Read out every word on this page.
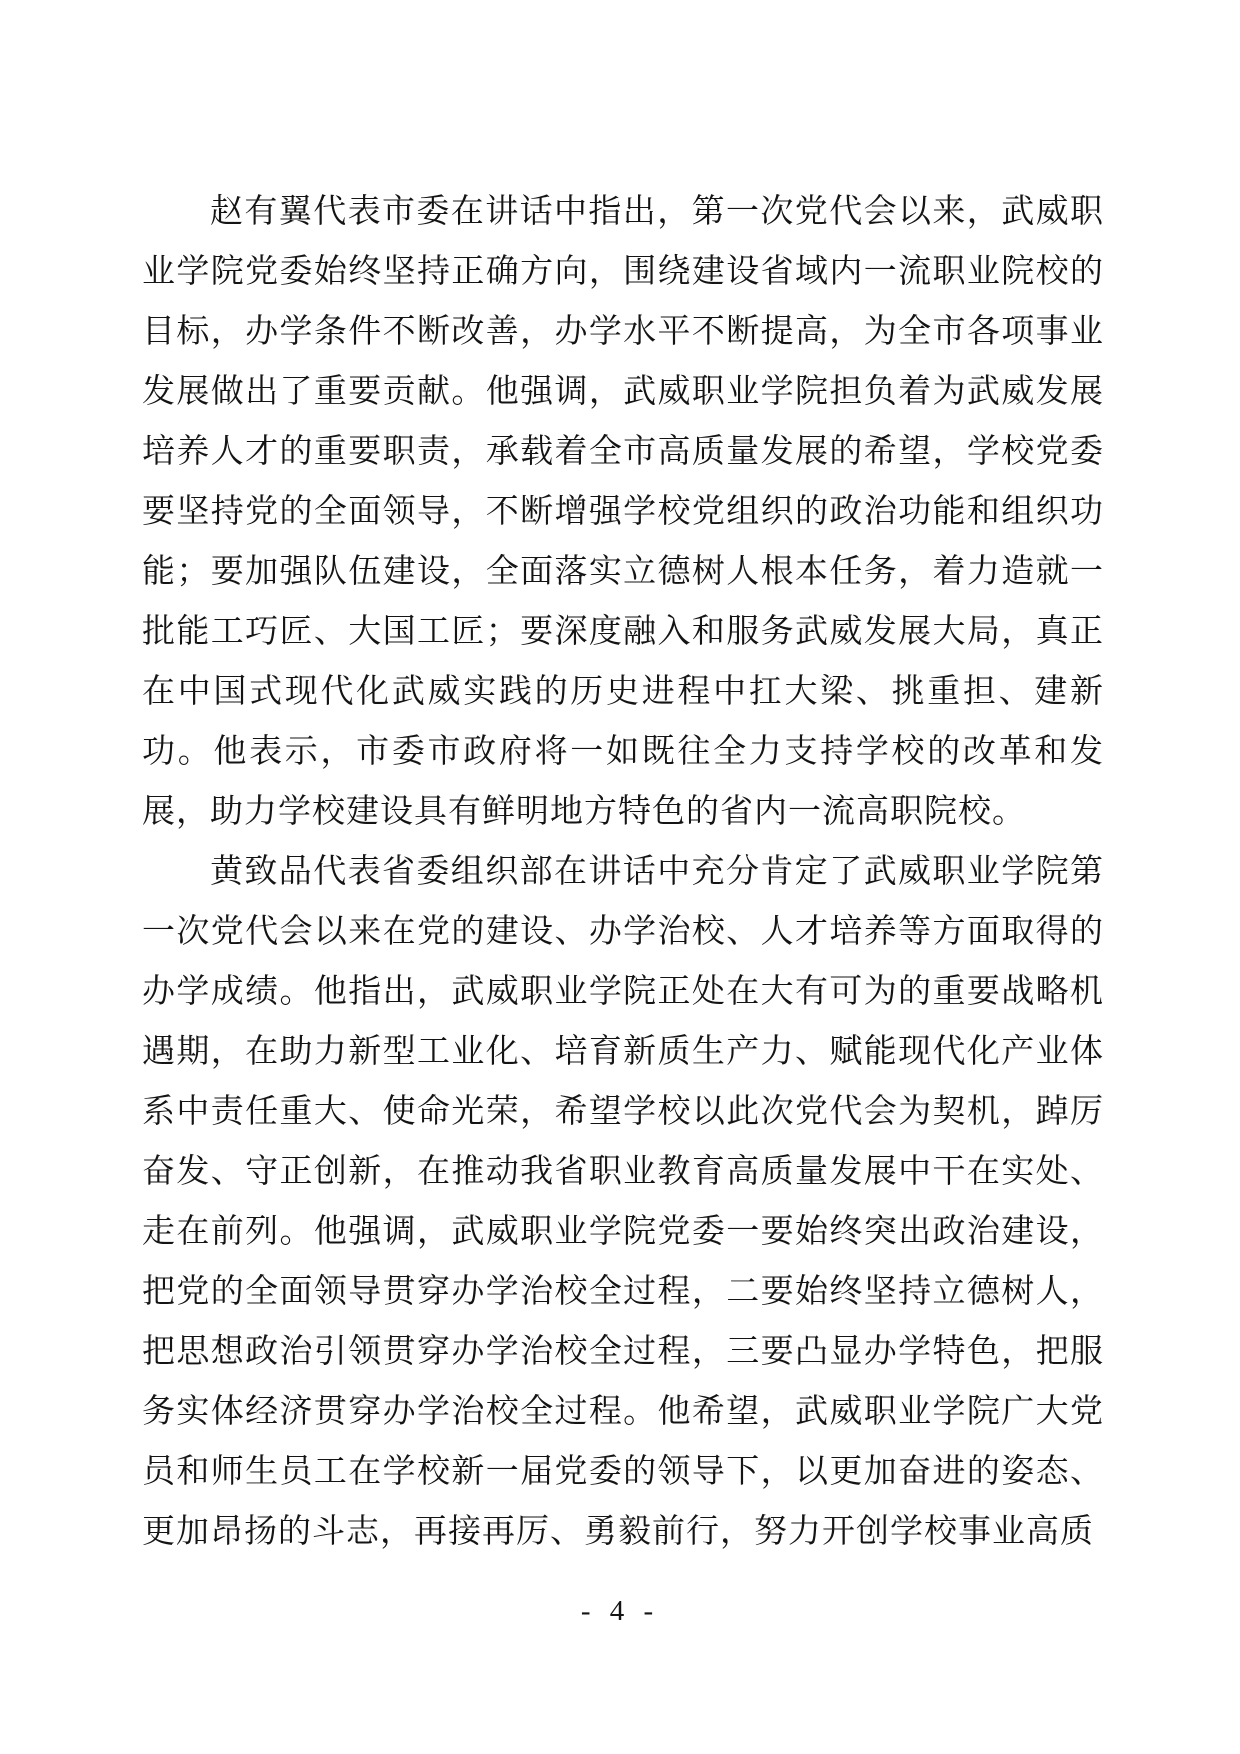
赵有翼代表市委在讲话中指出，第一次党代会以来，武威职业学院党委始终坚持正确方向，围绕建设省域内一流职业院校的目标，办学条件不断改善，办学水平不断提高，为全市各项事业发展做出了重要贡献。他强调，武威职业学院担负着为武威发展培养人才的重要职责，承载着全市高质量发展的希望，学校党委要坚持党的全面领导，不断增强学校党组织的政治功能和组织功能；要加强队伍建设，全面落实立德树人根本任务，着力造就一批能工巧匠、大国工匠；要深度融入和服务武威发展大局，真正在中国式现代化武威实践的历史进程中扛大梁、挑重担、建新功。他表示，市委市政府将一如既往全力支持学校的改革和发展，助力学校建设具有鲜明地方特色的省内一流高职院校。

黄致品代表省委组织部在讲话中充分肯定了武威职业学院第一次党代会以来在党的建设、办学治校、人才培养等方面取得的办学成绩。他指出，武威职业学院正处在大有可为的重要战略机遇期，在助力新型工业化、培育新质生产力、赋能现代化产业体系中责任重大、使命光荣，希望学校以此次党代会为契机，踔厉奋发、守正创新，在推动我省职业教育高质量发展中干在实处、走在前列。他强调，武威职业学院党委一要始终突出政治建设，把党的全面领导贯穿办学治校全过程，二要始终坚持立德树人，把思想政治引领贯穿办学治校全过程，三要凸显办学特色，把服务实体经济贯穿办学治校全过程。他希望，武威职业学院广大党员和师生员工在学校新一届党委的领导下，以更加奋进的姿态、更加昂扬的斗志，再接再厉、勇毅前行，努力开创学校事业高质

- 4 -
